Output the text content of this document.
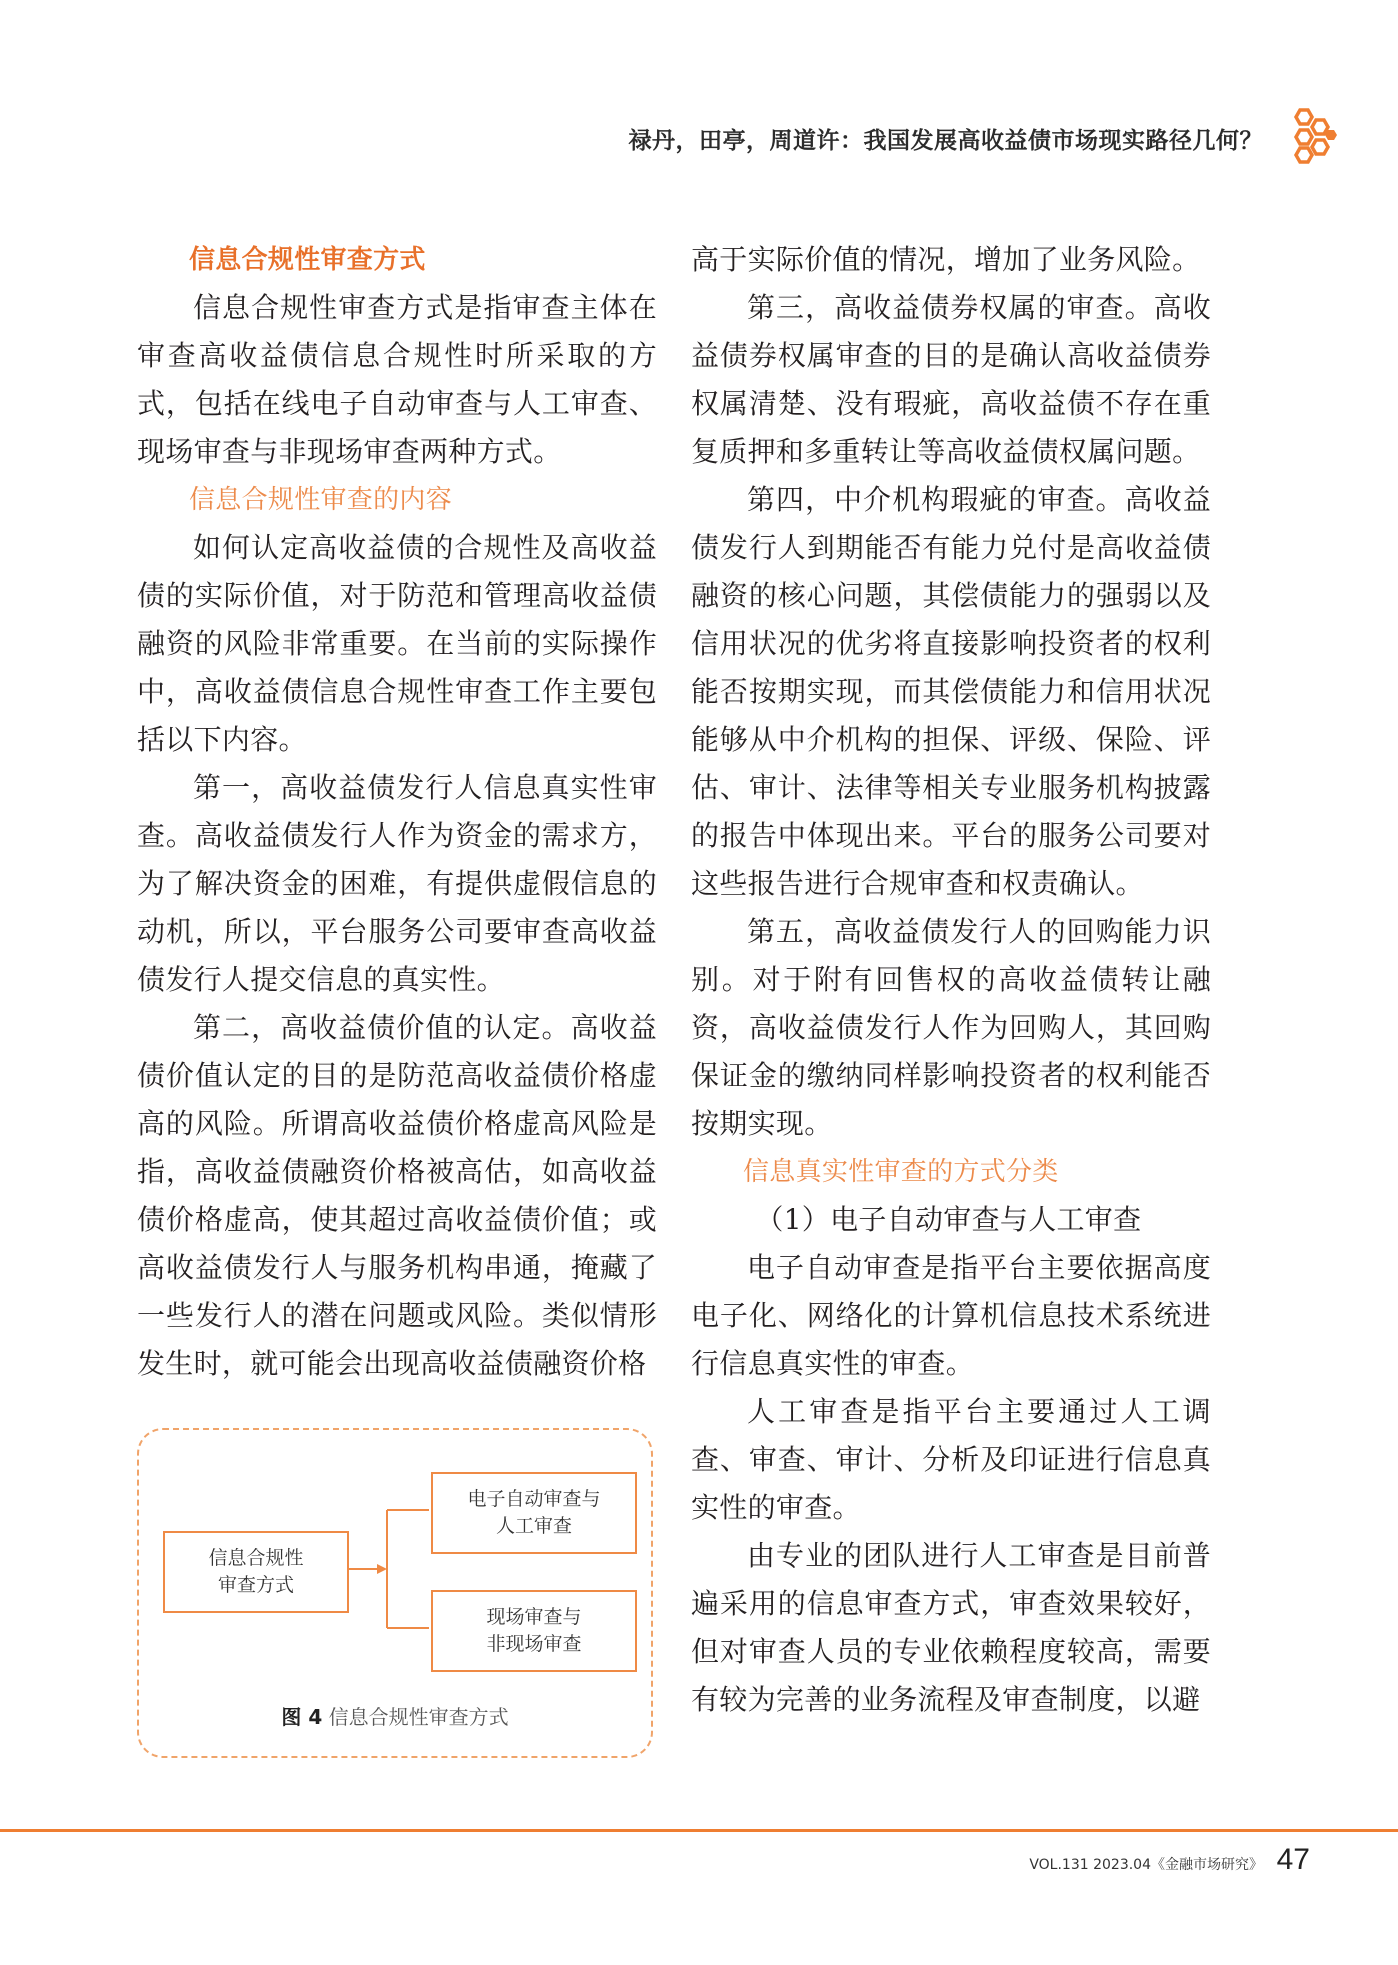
禄丹，田亭，周道许：我国发展高收益债市场现实路径几何？

信息合规性审查方式

信息合规性审查方式是指审查主体在审查高收益债信息合规性时所采取的方式，包括在线电子自动审查与人工审查、现场审查与非现场审查两种方式。

信息合规性审查的内容

如何认定高收益债的合规性及高收益债的实际价值，对于防范和管理高收益债融资的风险非常重要。在当前的实际操作中，高收益债信息合规性审查工作主要包括以下内容。

第一，高收益债发行人信息真实性审查。高收益债发行人作为资金的需求方，为了解决资金的困难，有提供虚假信息的动机，所以，平台服务公司要审查高收益债发行人提交信息的真实性。

第二，高收益债价值的认定。高收益债价值认定的目的是防范高收益债价格虚高的风险。所谓高收益债价格虚高风险是指，高收益债融资价格被高估，如高收益债价格虚高，使其超过高收益债价值；或高收益债发行人与服务机构串通，掩藏了一些发行人的潜在问题或风险。类似情形发生时，就可能会出现高收益债融资价格

高于实际价值的情况，增加了业务风险。

第三，高收益债券权属的审查。高收益债券权属审查的目的是确认高收益债券权属清楚、没有瑕疵，高收益债不存在重复质押和多重转让等高收益债权属问题。

第四，中介机构瑕疵的审查。高收益债发行人到期能否有能力兑付是高收益债融资的核心问题，其偿债能力的强弱以及信用状况的优劣将直接影响投资者的权利能否按期实现，而其偿债能力和信用状况能够从中介机构的担保、评级、保险、评估、审计、法律等相关专业服务机构披露的报告中体现出来。平台的服务公司要对这些报告进行合规审查和权责确认。

第五，高收益债发行人的回购能力识别。对于附有回售权的高收益债转让融资，高收益债发行人作为回购人，其回购保证金的缴纳同样影响投资者的权利能否按期实现。

信息真实性审查的方式分类

（1）电子自动审查与人工审查

电子自动审查是指平台主要依据高度电子化、网络化的计算机信息技术系统进行信息真实性的审查。

人工审查是指平台主要通过人工调查、审查、审计、分析及印证进行信息真实性的审查。

由专业的团队进行人工审查是目前普遍采用的信息审查方式，审查效果较好，但对审查人员的专业依赖程度较高，需要有较为完善的业务流程及审查制度，以避

信息合规性
审查方式
电子自动审查与
人工审查
现场审查与
非现场审查
图 4 信息合规性审查方式
VOL.131 2023.04《金融市场研究》 47
